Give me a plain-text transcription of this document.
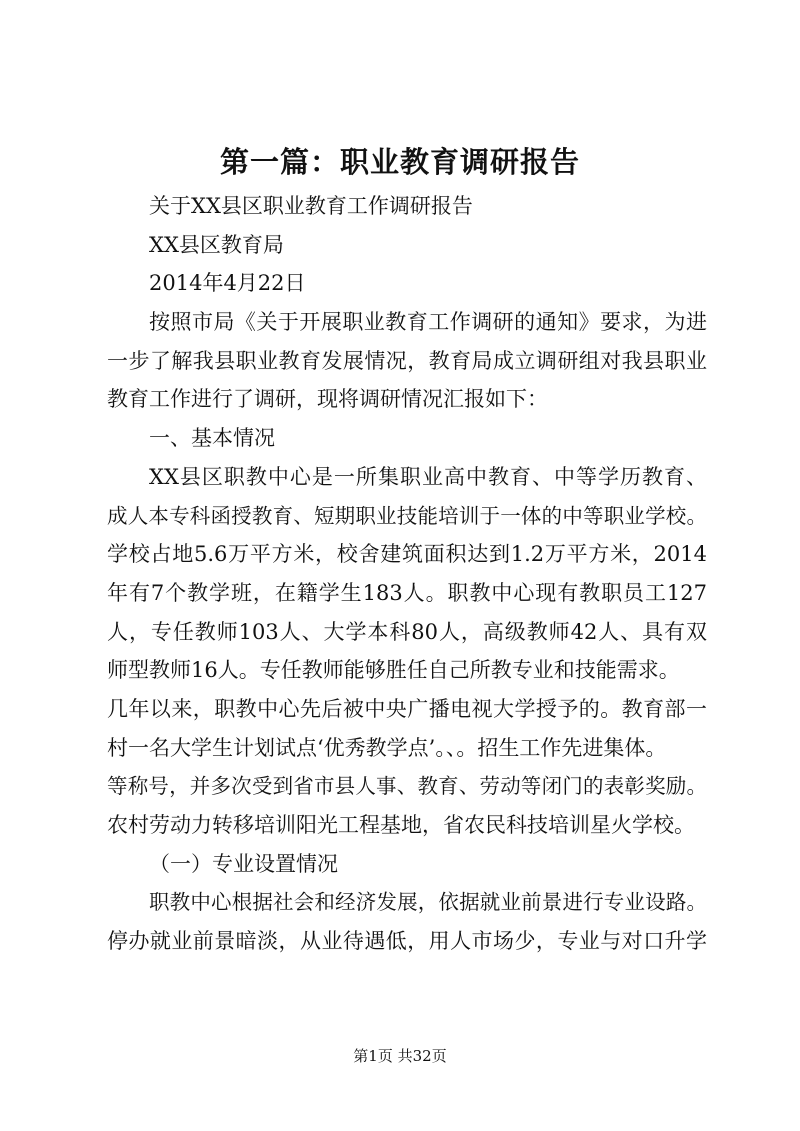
第一篇：职业教育调研报告
关于XX县区职业教育工作调研报告
XX县区教育局
2014年4月22日
按照市局《关于开展职业教育工作调研的通知》要求，为进
一步了解我县职业教育发展情况，教育局成立调研组对我县职业
教育工作进行了调研，现将调研情况汇报如下：
一、基本情况
XX县区职教中心是一所集职业高中教育、中等学历教育、
成人本专科函授教育、短期职业技能培训于一体的中等职业学校。
学校占地5.6万平方米，校舍建筑面积达到1.2万平方米，2014
年有7个教学班，在籍学生183人。职教中心现有教职员工127
人，专任教师103人、大学本科80人，高级教师42人、具有双
师型教师16人。专任教师能够胜任自己所教专业和技能需求。
几年以来，职教中心先后被中央广播电视大学授予的。教育部一
村一名大学生计划试点‘优秀教学点’。、。招生工作先进集体。
等称号，并多次受到省市县人事、教育、劳动等闭门的表彰奖励。
农村劳动力转移培训阳光工程基地，省农民科技培训星火学校。
（一）专业设置情况
职教中心根据社会和经济发展，依据就业前景进行专业设路。
停办就业前景暗淡，从业待遇低，用人市场少，专业与对口升学
第1页 共32页
